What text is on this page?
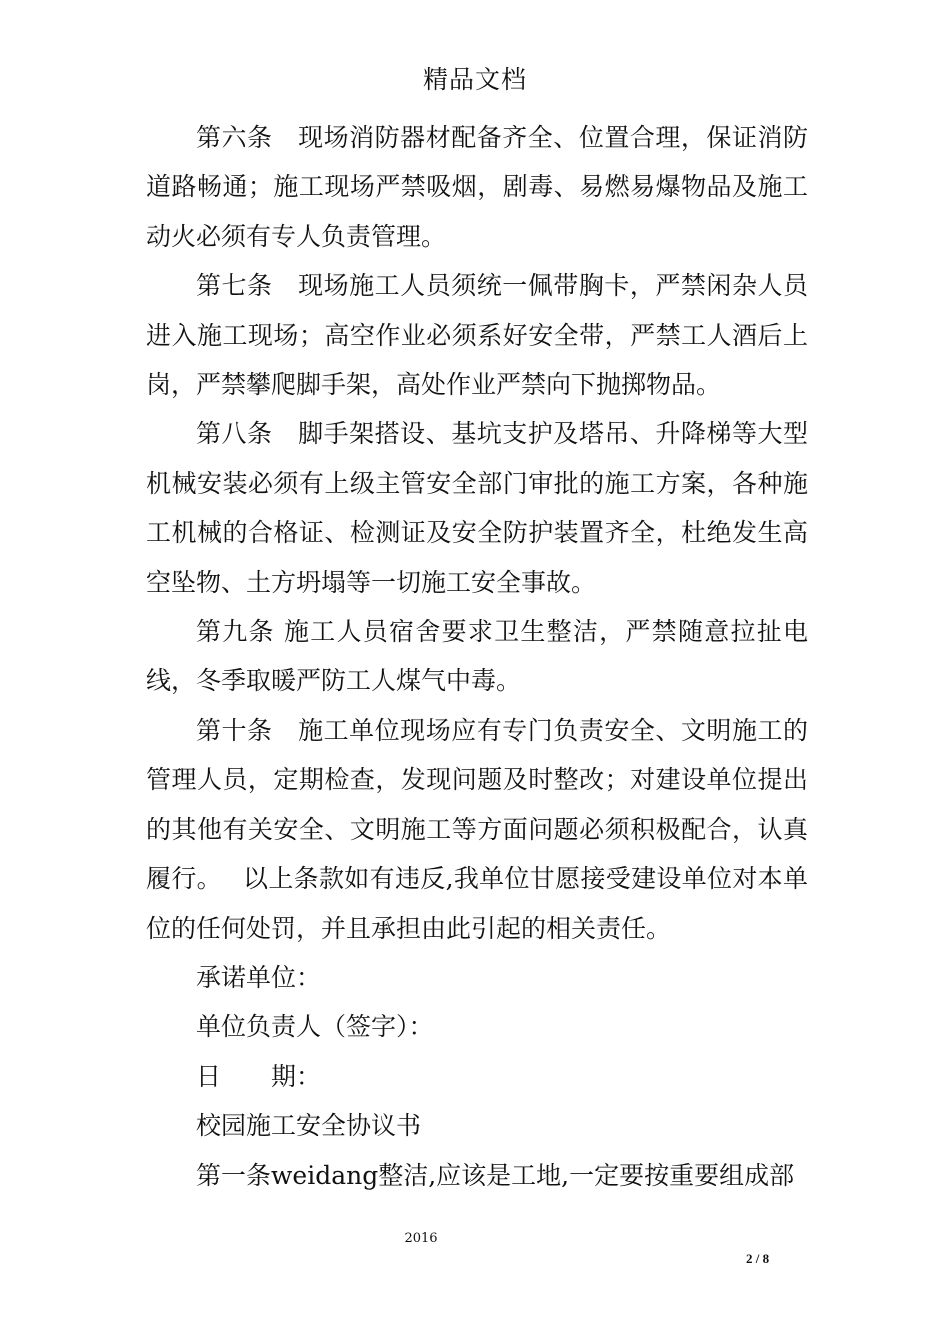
精品文档

第六条　现场消防器材配备齐全、位置合理，保证消防道路畅通；施工现场严禁吸烟，剧毒、易燃易爆物品及施工动火必须有专人负责管理。

第七条　现场施工人员须统一佩带胸卡，严禁闲杂人员进入施工现场；高空作业必须系好安全带，严禁工人酒后上岗，严禁攀爬脚手架，高处作业严禁向下抛掷物品。

第八条　脚手架搭设、基坑支护及塔吊、升降梯等大型机械安装必须有上级主管安全部门审批的施工方案，各种施工机械的合格证、检测证及安全防护装置齐全，杜绝发生高空坠物、土方坍塌等一切施工安全事故。

第九条 施工人员宿舍要求卫生整洁，严禁随意拉扯电线，冬季取暖严防工人煤气中毒。

第十条　施工单位现场应有专门负责安全、文明施工的管理人员，定期检查，发现问题及时整改；对建设单位提出的其他有关安全、文明施工等方面问题必须积极配合，认真履行。　 以上条款如有违反,我单位甘愿接受建设单位对本单位的任何处罚，并且承担由此引起的相关责任。

承诺单位：

单位负责人（签字）：

日　　期：

校园施工安全协议书

第一条weidang整洁,应该是工地,一定要按重要组成部

2016
2 / 8
